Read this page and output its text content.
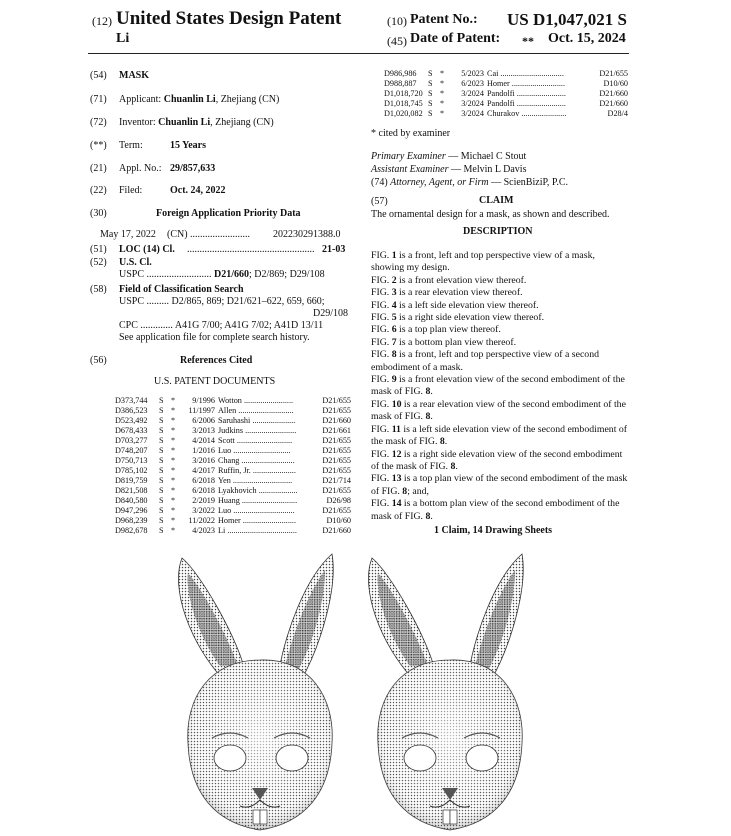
(12) United States Design Patent
Li
(10) Patent No.: US D1,047,021 S
(45) Date of Patent: ** Oct. 15, 2024
(54) MASK
(71) Applicant: Chuanlin Li, Zhejiang (CN)
(72) Inventor: Chuanlin Li, Zhejiang (CN)
(**) Term:	15 Years
(21) Appl. No.: 29/857,633
(22) Filed:	Oct. 24, 2022
(30)	Foreign Application Priority Data
May 17, 2022 (CN) ........................ 202230291388.0
(51) LOC (14) Cl. ................................................... 21-03
(52) U.S. Cl.
USPC .......................... D21/660; D2/869; D29/108
(58) Field of Classification Search
USPC ......... D2/865, 869; D21/621–622, 659, 660;
D29/108
CPC ............. A41G 7/00; A41G 7/02; A41D 13/11
See application file for complete search history.
(56)	References Cited
U.S. PATENT DOCUMENTS
D373,744	S *	9/1996 Wotton ........................	D21/655
D386,523	S *	11/1997 Allen ...........................	D21/655
D523,492	S *	6/2006 Saruhashi .....................	D21/660
D678,433	S *	3/2013 Judkins .........................	D21/661
D703,277	S *	4/2014 Scott ...........................	D21/655
D748,207	S *	1/2016 Luo ............................	D21/655
D750,713	S *	3/2016 Chang ..........................	D21/655
D785,102	S *	4/2017 Ruffin, Jr. .....................	D21/655
D819,759	S *	6/2018 Yen .............................	D21/714
D821,508	S *	6/2018 Lyakhovich ...................	D21/655
D840,580	S *	2/2019 Huang ...........................	D26/98
D947,296	S *	3/2022 Luo ..............................	D21/655
D968,239	S *	11/2022 Homer ..........................	D10/60
D982,678	S *	4/2023 Li ..................................	D21/660
D986,986	S *	5/2023 Cai ...............................	D21/655
D988,887	S *	6/2023 Homer ..........................	D10/60
D1,018,720 S *	3/2024 Pandolfi ........................	D21/660
D1,018,745 S *	3/2024 Pandolfi ........................	D21/660
D1,020,082 S *	3/2024 Churakov ......................	D28/4
* cited by examiner
Primary Examiner — Michael C Stout
Assistant Examiner — Melvin L Davis
(74) Attorney, Agent, or Firm — ScienBiziP, P.C.
(57)	CLAIM
The ornamental design for a mask, as shown and described.
DESCRIPTION
FIG. 1 is a front, left and top perspective view of a mask, showing my design.
FIG. 2 is a front elevation view thereof.
FIG. 3 is a rear elevation view thereof.
FIG. 4 is a left side elevation view thereof.
FIG. 5 is a right side elevation view thereof.
FIG. 6 is a top plan view thereof.
FIG. 7 is a bottom plan view thereof.
FIG. 8 is a front, left and top perspective view of a second embodiment of a mask.
FIG. 9 is a front elevation view of the second embodiment of the mask of FIG. 8.
FIG. 10 is a rear elevation view of the second embodiment of the mask of FIG. 8.
FIG. 11 is a left side elevation view of the second embodiment of the mask of FIG. 8.
FIG. 12 is a right side elevation view of the second embodiment of the mask of FIG. 8.
FIG. 13 is a top plan view of the second embodiment of the mask of FIG. 8; and,
FIG. 14 is a bottom plan view of the second embodiment of the mask of FIG. 8.
1 Claim, 14 Drawing Sheets
